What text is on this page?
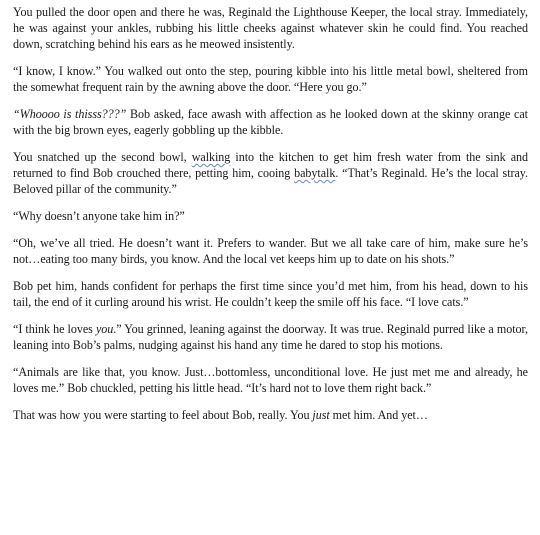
You pulled the door open and there he was, Reginald the Lighthouse Keeper, the local stray. Immediately, he was against your ankles, rubbing his little cheeks against whatever skin he could find. You reached down, scratching behind his ears as he meowed insistently.

“I know, I know.” You walked out onto the step, pouring kibble into his little metal bowl, sheltered from the somewhat frequent rain by the awning above the door. “Here you go.”

“Whoooo is thisss???” Bob asked, face awash with affection as he looked down at the skinny orange cat with the big brown eyes, eagerly gobbling up the kibble.

You snatched up the second bowl, walking into the kitchen to get him fresh water from the sink and returned to find Bob crouched there, petting him, cooing babytalk. “That’s Reginald. He’s the local stray. Beloved pillar of the community.”

“Why doesn’t anyone take him in?”

“Oh, we’ve all tried. He doesn’t want it. Prefers to wander. But we all take care of him, make sure he’s not…eating too many birds, you know. And the local vet keeps him up to date on his shots.”

Bob pet him, hands confident for perhaps the first time since you’d met him, from his head, down to his tail, the end of it curling around his wrist. He couldn’t keep the smile off his face. “I love cats.”

“I think he loves you.” You grinned, leaning against the doorway. It was true. Reginald purred like a motor, leaning into Bob’s palms, nudging against his hand any time he dared to stop his motions.

“Animals are like that, you know. Just…bottomless, unconditional love. He just met me and already, he loves me.” Bob chuckled, petting his little head. “It’s hard not to love them right back.”

That was how you were starting to feel about Bob, really. You just met him. And yet…
